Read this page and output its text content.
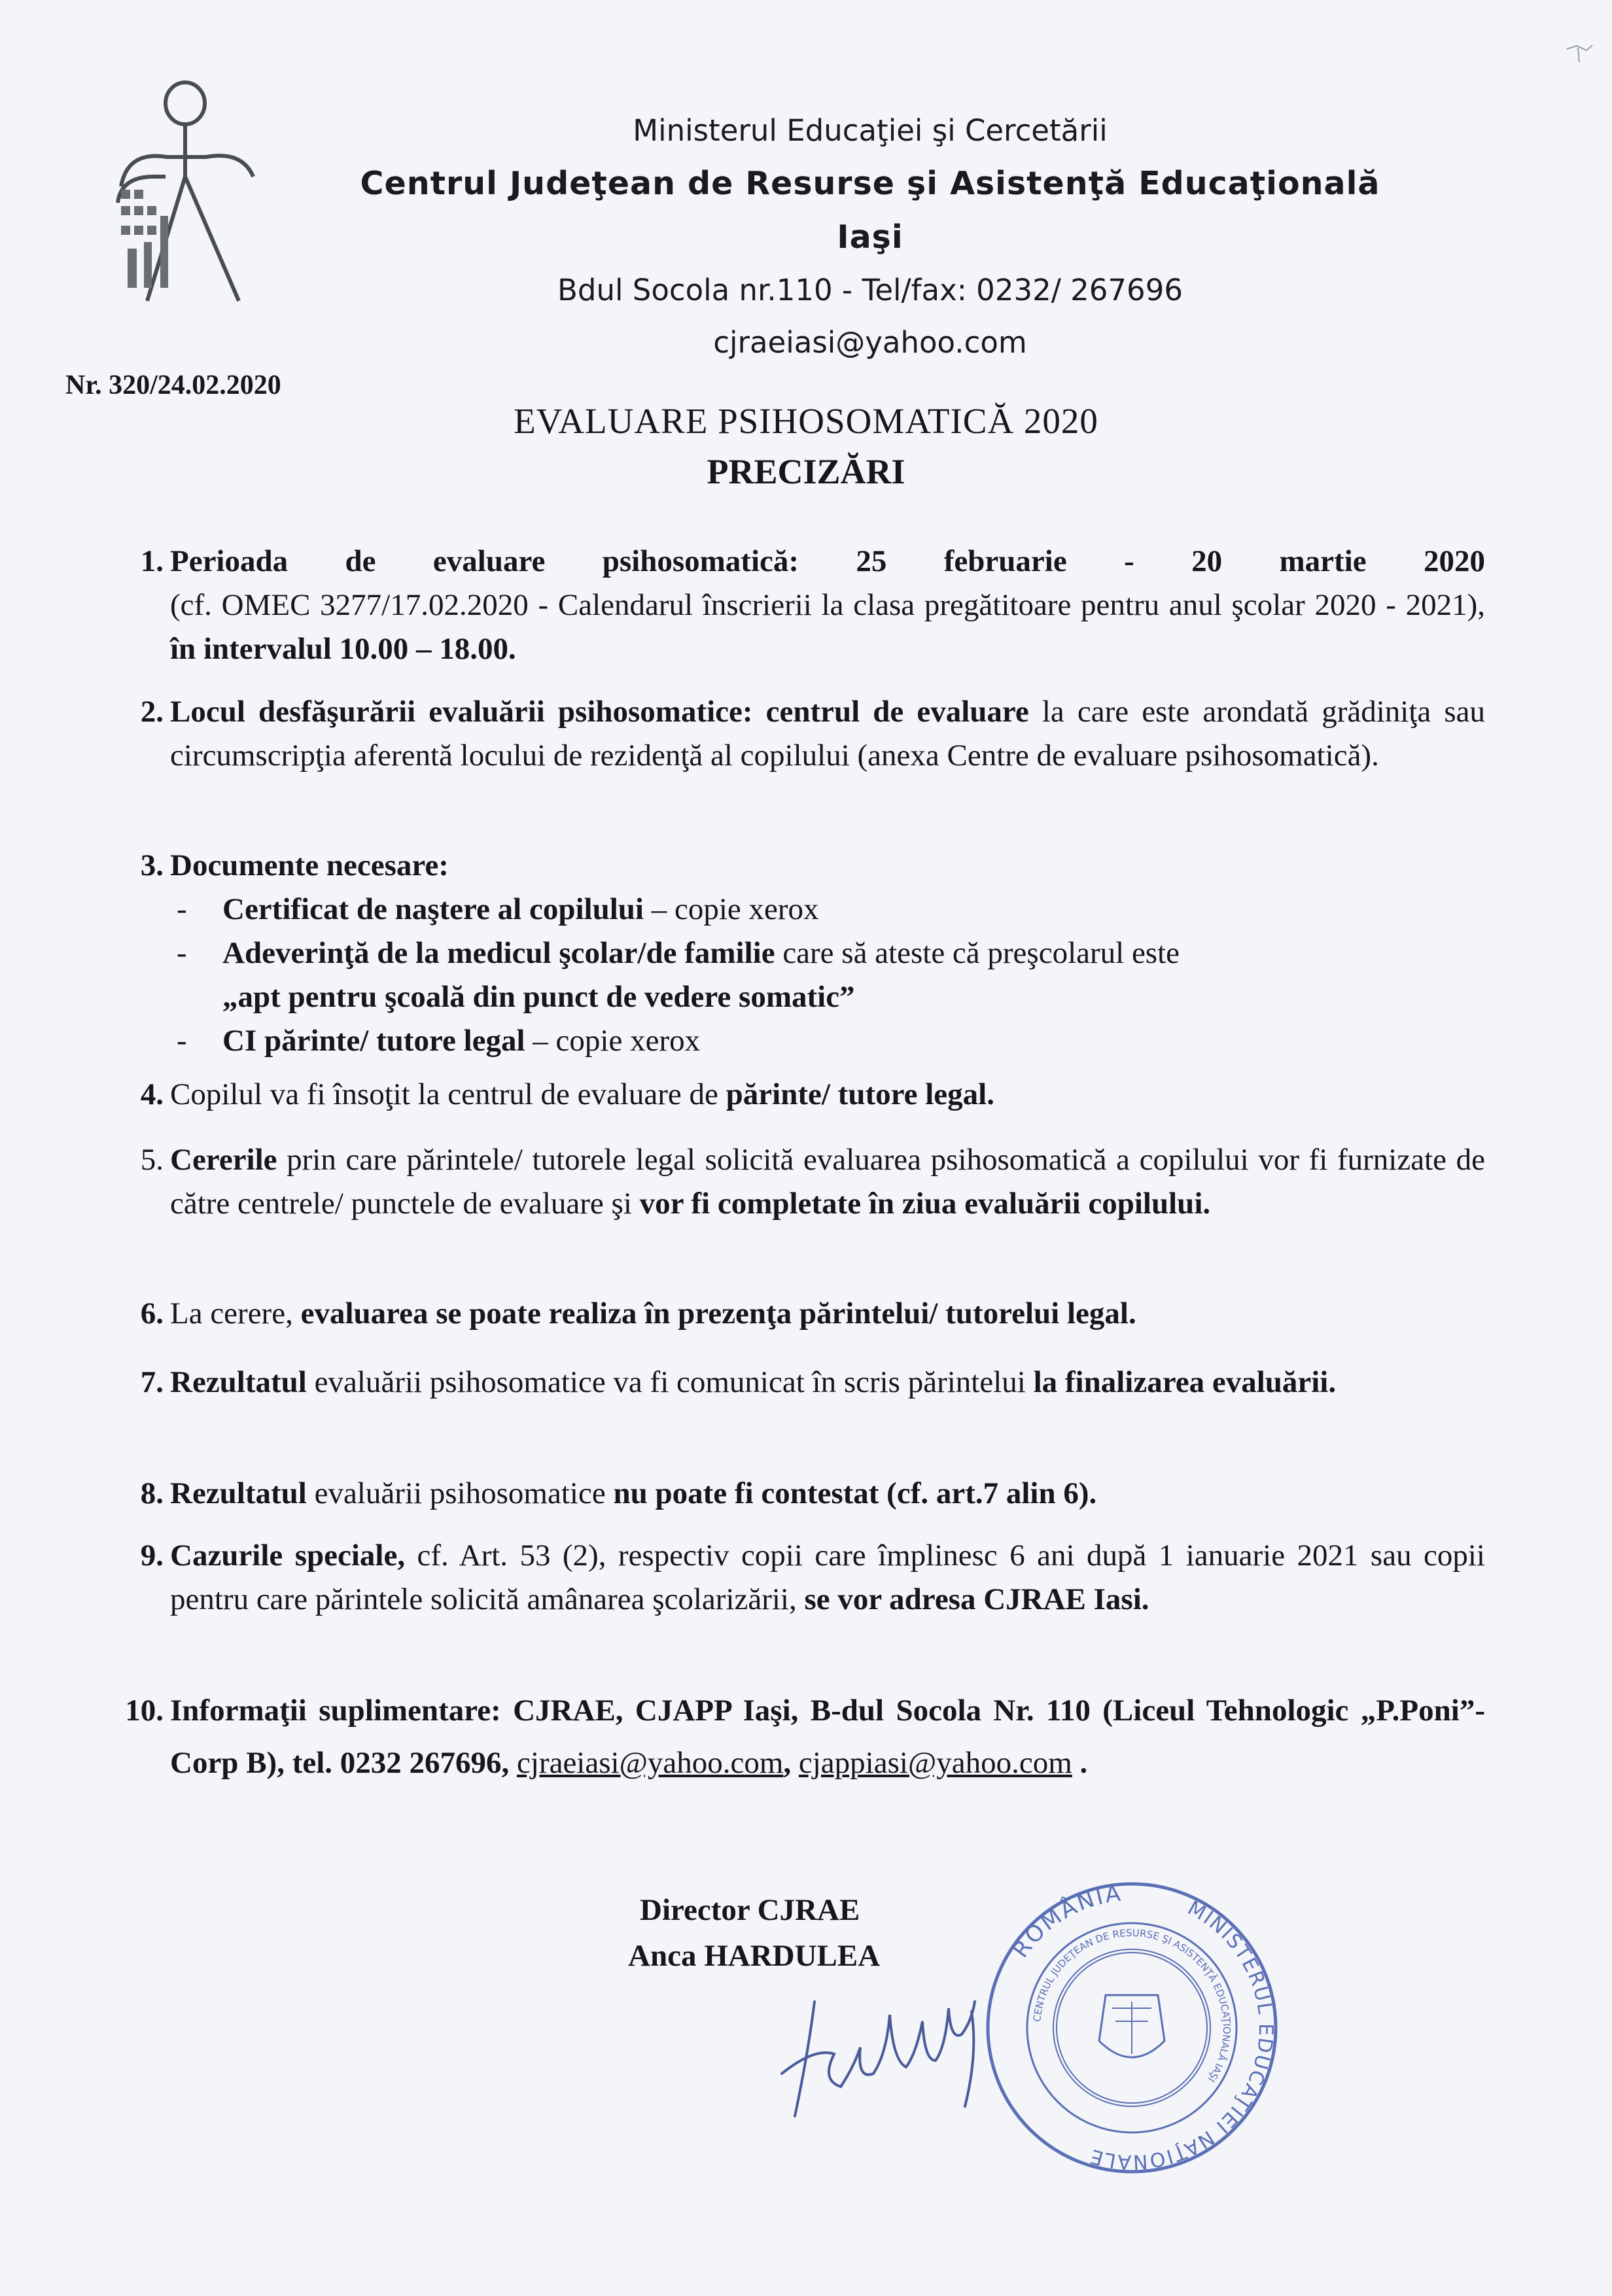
Ministerul Educaţiei şi Cercetării
Centrul Judeţean de Resurse şi Asistenţă Educaţională Iaşi
Bdul Socola nr.110 - Tel/fax: 0232/ 267696
cjraeiasi@yahoo.com
Nr. 320/24.02.2020
EVALUARE PSIHOSOMATICĂ 2020
PRECIZĂRI
1. Perioada de evaluare psihosomatică: 25 februarie - 20 martie 2020
(cf. OMEC 3277/17.02.2020 - Calendarul înscrierii la clasa pregătitoare pentru anul şcolar 2020 - 2021), în intervalul 10.00 – 18.00.
2. Locul desfăşurării evaluării psihosomatice: centrul de evaluare la care este arondată grădiniţa sau circumscripţia aferentă locului de rezidenţă al copilului (anexa Centre de evaluare psihosomatică).
3. Documente necesare:
- Certificat de naştere al copilului – copie xerox
- Adeverinţă de la medicul şcolar/de familie care să ateste că preşcolarul este
„apt pentru şcoală din punct de vedere somatic”
- CI părinte/ tutore legal – copie xerox
4. Copilul va fi însoţit la centrul de evaluare de părinte/ tutore legal.
5. Cererile prin care părintele/ tutorele legal solicită evaluarea psihosomatică a copilului vor fi furnizate de către centrele/ punctele de evaluare şi vor fi completate în ziua evaluării copilului.
6. La cerere, evaluarea se poate realiza în prezenţa părintelui/ tutorelui legal.
7. Rezultatul evaluării psihosomatice va fi comunicat în scris părintelui la finalizarea evaluării.
8. Rezultatul evaluării psihosomatice nu poate fi contestat (cf. art.7 alin 6).
9. Cazurile speciale, cf. Art. 53 (2), respectiv copii care împlinesc 6 ani după 1 ianuarie 2021 sau copii pentru care părintele solicită amânarea şcolarizării, se vor adresa CJRAE Iasi.
10. Informaţii suplimentare: CJRAE, CJAPP Iaşi, B-dul Socola Nr. 110 (Liceul Tehnologic „P.Poni”-Corp B), tel. 0232 267696, cjraeiasi@yahoo.com, cjappiasi@yahoo.com .
Director CJRAE
Anca HARDULEA	ROMÂNIA
MINISTERUL EDUCAŢIEI NAŢIONALE
CENTRUL JUDEŢEAN DE RESURSE ŞI ASISTENŢĂ EDUCAŢIONALĂ IAŞI
